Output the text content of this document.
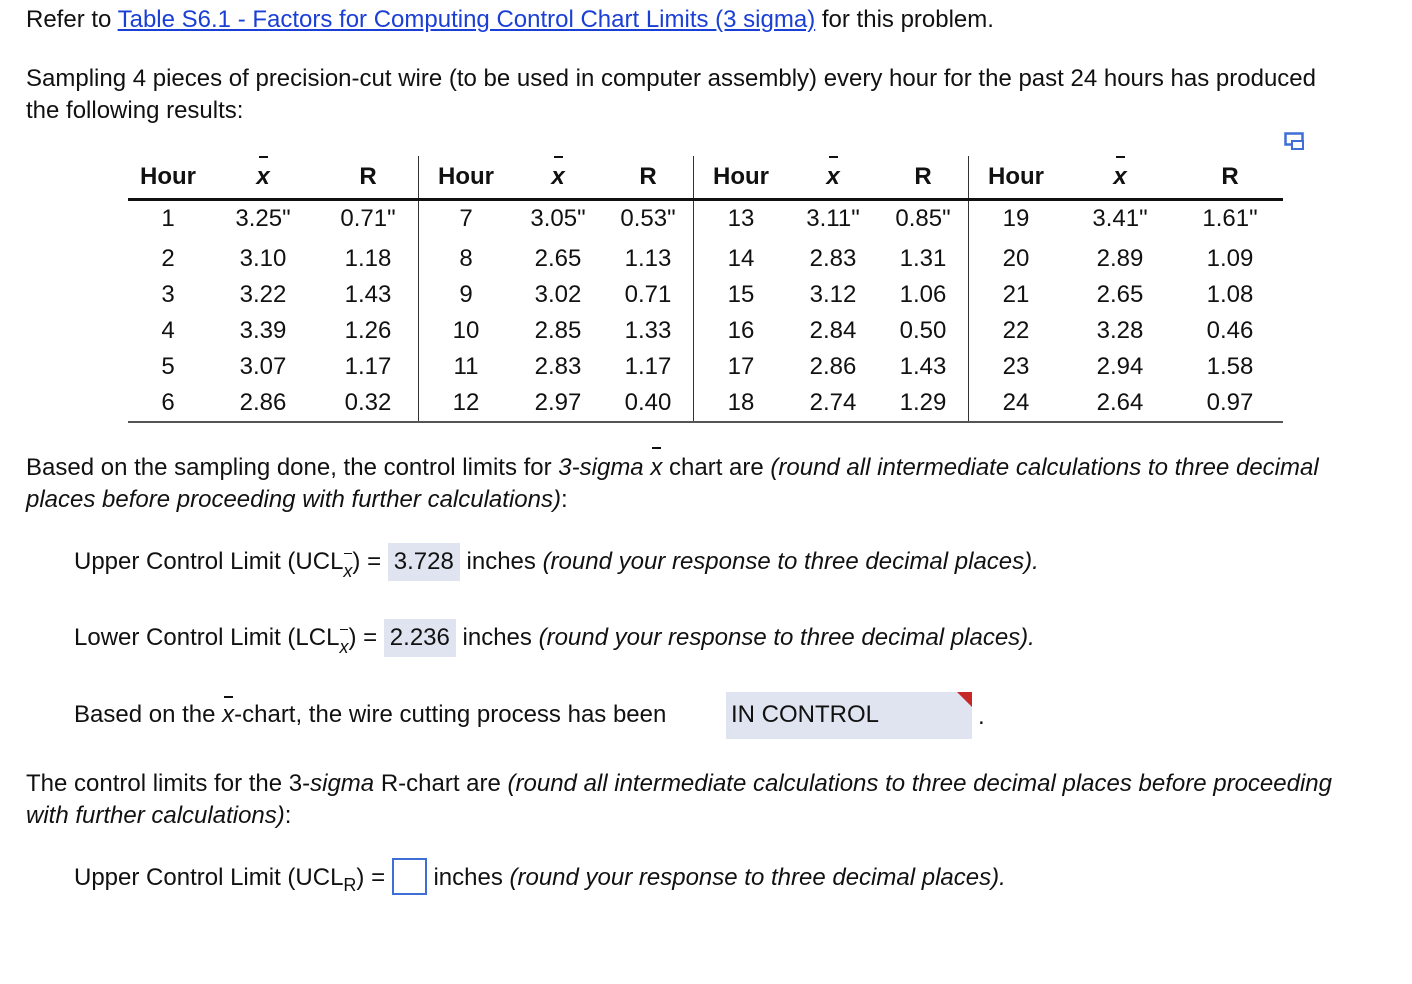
Refer to Table S6.1 - Factors for Computing Control Chart Limits (3 sigma) for this problem.
Sampling 4 pieces of precision-cut wire (to be used in computer assembly) every hour for the past 24 hours has produced the following results:
Hour	x	R	Hour	x	R	Hour	x	R	Hour	x	R
1	3.25"	0.71"	7	3.05"	0.53"	13	3.11"	0.85"	19	3.41"	1.61"
2	3.10	1.18	8	2.65	1.13	14	2.83	1.31	20	2.89	1.09
3	3.22	1.43	9	3.02	0.71	15	3.12	1.06	21	2.65	1.08
4	3.39	1.26	10	2.85	1.33	16	2.84	0.50	22	3.28	0.46
5	3.07	1.17	11	2.83	1.17	17	2.86	1.43	23	2.94	1.58
6	2.86	0.32	12	2.97	0.40	18	2.74	1.29	24	2.64	0.97
Based on the sampling done, the control limits for 3-sigma x chart are (round all intermediate calculations to three decimal places before proceeding with further calculations):
Upper Control Limit (UCLx) = 3.728 inches (round your response to three decimal places).
Lower Control Limit (LCLx) = 2.236 inches (round your response to three decimal places).
Based on the x-chart, the wire cutting process has been	IN CONTROL	.
The control limits for the 3-sigma R-chart are (round all intermediate calculations to three decimal places before proceeding with further calculations):
Upper Control Limit $(UCL_R)$ = inches (round your response to three decimal places).
